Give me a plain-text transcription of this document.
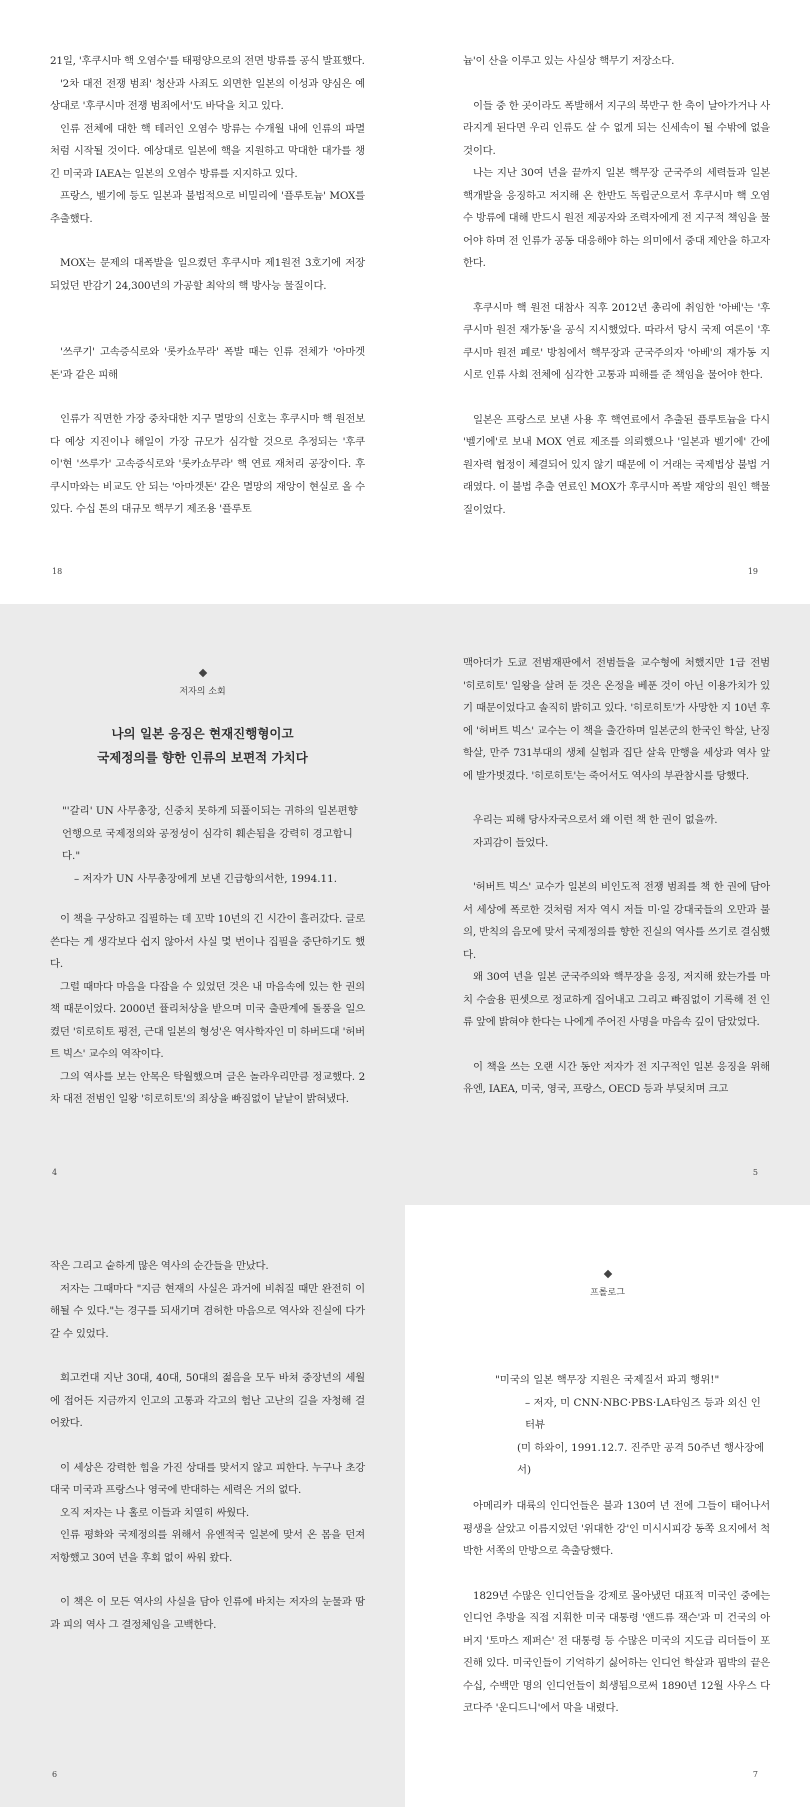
21일, '후쿠시마 핵 오염수'를 태평양으로의 전면 방류를 공식 발표했다.

'2차 대전 전쟁 범죄' 청산과 사죄도 외면한 일본의 이성과 양심은 예상대로 '후쿠시마 전쟁 범죄에서'도 바닥을 치고 있다.

인류 전체에 대한 핵 테러인 오염수 방류는 수개월 내에 인류의 파멸처럼 시작될 것이다. 예상대로 일본에 핵을 지원하고 막대한 대가를 챙긴 미국과 IAEA는 일본의 오염수 방류를 지지하고 있다.

프랑스, 벨기에 등도 일본과 불법적으로 비밀리에 '플루토늄' MOX를 추출했다.

MOX는 문제의 대폭발을 일으켰던 후쿠시마 제1원전 3호기에 저장되었던 반감기 24,300년의 가공할 최악의 핵 방사능 물질이다.

'쓰쿠기' 고속증식로와 '롯카쇼무라' 폭발 때는 인류 전체가 '아마겟돈'과 같은 피해

인류가 직면한 가장 중차대한 지구 멸망의 신호는 후쿠시마 핵 원전보다 예상 지진이나 해일이 가장 규모가 심각할 것으로 추정되는 '후쿠이'현 '쓰루가' 고속증식로와 '롯카쇼무라' 핵 연료 재처리 공장이다. 후쿠시마와는 비교도 안 되는 '아마겟돈' 같은 멸망의 재앙이 현실로 올 수 있다. 수십 톤의 대규모 핵무기 제조용 '플루토

18

늄'이 산을 이루고 있는 사실상 핵무기 저장소다.

이들 중 한 곳이라도 폭발해서 지구의 북반구 한 축이 날아가거나 사라지게 된다면 우리 인류도 살 수 없게 되는 신세속이 될 수밖에 없을 것이다.

나는 지난 30여 년을 끝까지 일본 핵무장 군국주의 세력들과 일본 핵개발을 응징하고 저지해 온 한반도 독립군으로서 후쿠시마 핵 오염수 방류에 대해 반드시 원전 제공자와 조력자에게 전 지구적 책임을 물어야 하며 전 인류가 공동 대응해야 하는 의미에서 중대 제안을 하고자 한다.

후쿠시마 핵 원전 대참사 직후 2012년 총리에 취임한 '아베'는 '후쿠시마 원전 재가동'을 공식 지시했었다. 따라서 당시 국제 여론이 '후쿠시마 원전 폐로' 방침에서 핵무장과 군국주의자 '아베'의 재가동 지시로 인류 사회 전체에 심각한 고통과 피해를 준 책임을 물어야 한다.

일본은 프랑스로 보낸 사용 후 핵연료에서 추출된 플루토늄을 다시 '벨기에'로 보내 MOX 연료 제조를 의뢰했으나 '일본과 벨기에' 간에 원자력 협정이 체결되어 있지 않기 때문에 이 거래는 국제법상 불법 거래였다. 이 불법 추출 연료인 MOX가 후쿠시마 폭발 재앙의 원인 핵물질이었다.

19
저자의 소회
나의 일본 응징은 현재진행형이고
국제정의를 향한 인류의 보편적 가치다

"'갈리' UN 사무총장, 신중치 못하게 되풀이되는 귀하의 일본편향 언행으로 국제정의와 공정성이 심각히 훼손됨을 강력히 경고합니다."

– 저자가 UN 사무총장에게 보낸 긴급항의서한, 1994.11.

이 책을 구상하고 집필하는 데 꼬박 10년의 긴 시간이 흘러갔다. 글로 쓴다는 게 생각보다 쉽지 않아서 사실 몇 번이나 집필을 중단하기도 했다.

그럴 때마다 마음을 다잡을 수 있었던 것은 내 마음속에 있는 한 권의 책 때문이었다. 2000년 퓰리처상을 받으며 미국 출판계에 돌풍을 일으켰던 '히로히토 평전, 근대 일본의 형성'은 역사학자인 미 하버드대 '허버트 빅스' 교수의 역작이다.

그의 역사를 보는 안목은 탁월했으며 글은 놀라우리만큼 정교했다. 2차 대전 전범인 일왕 '히로히토'의 죄상을 빠짐없이 낱낱이 밝혀냈다.

4

맥아더가 도쿄 전범재판에서 전범들을 교수형에 처했지만 1급 전범 '히로히토' 일왕을 살려 둔 것은 온정을 베푼 것이 아닌 이용가치가 있기 때문이었다고 솔직히 밝히고 있다. '히로히토'가 사망한 지 10년 후에 '허버트 빅스' 교수는 이 책을 출간하며 일본군의 한국인 학살, 난징 학살, 만주 731부대의 생체 실험과 집단 살육 만행을 세상과 역사 앞에 발가벗겼다. '히로히토'는 죽어서도 역사의 부관참시를 당했다.

우리는 피해 당사자국으로서 왜 이런 책 한 권이 없을까.

자괴감이 들었다.

'허버트 빅스' 교수가 일본의 비인도적 전쟁 범죄를 책 한 권에 담아서 세상에 폭로한 것처럼 저자 역시 저들 미·일 강대국들의 오만과 불의, 반칙의 음모에 맞서 국제정의를 향한 진실의 역사를 쓰기로 결심했다.

왜 30여 년을 일본 군국주의와 핵무장을 응징, 저지해 왔는가를 마치 수술용 핀셋으로 정교하게 집어내고 그리고 빠짐없이 기록해 전 인류 앞에 밝혀야 한다는 나에게 주어진 사명을 마음속 깊이 담았었다.

이 책을 쓰는 오랜 시간 동안 저자가 전 지구적인 일본 응징을 위해 유엔, IAEA, 미국, 영국, 프랑스, OECD 등과 부딪치며 크고

5

작은 그리고 숱하게 많은 역사의 순간들을 만났다.

저자는 그때마다 "지금 현재의 사실은 과거에 비춰질 때만 완전히 이해될 수 있다."는 경구를 되새기며 겸허한 마음으로 역사와 진실에 다가갈 수 있었다.

회고컨대 지난 30대, 40대, 50대의 젊음을 모두 바쳐 중장년의 세월에 접어든 지금까지 인고의 고통과 각고의 험난 고난의 길을 자청해 걸어왔다.

이 세상은 강력한 힘을 가진 상대를 맞서지 않고 피한다. 누구나 초강대국 미국과 프랑스나 영국에 반대하는 세력은 거의 없다.

오직 저자는 나 홀로 이들과 치열히 싸웠다.

인류 평화와 국제정의를 위해서 유엔적국 일본에 맞서 온 몸을 던져 저항했고 30여 년을 후회 없이 싸워 왔다.

이 책은 이 모든 역사의 사실을 담아 인류에 바치는 저자의 눈물과 땀과 피의 역사 그 결정체임을 고백한다.

6
프롤로그

"미국의 일본 핵무장 지원은 국제질서 파괴 행위!"

– 저자, 미 CNN·NBC·PBS·LA타임즈 등과 외신 인터뷰

(미 하와이, 1991.12.7. 진주만 공격 50주년 행사장에서)

아메리카 대륙의 인디언들은 불과 130여 년 전에 그들이 태어나서 평생을 살았고 이름지었던 '위대한 강'인 미시시피강 동쪽 요지에서 척박한 서쪽의 만방으로 축출당했다.

1829년 수많은 인디언들을 강제로 몰아냈던 대표적 미국인 중에는 인디언 추방을 직접 지휘한 미국 대통령 '앤드류 잭슨'과 미 건국의 아버지 '토마스 제퍼슨' 전 대통령 등 수많은 미국의 지도급 리더들이 포진해 있다. 미국인들이 기억하기 싫어하는 인디언 학살과 핍박의 끝은 수십, 수백만 명의 인디언들이 희생됨으로써 1890년 12월 사우스 다코다주 '운디드니'에서 막을 내렸다.

7
